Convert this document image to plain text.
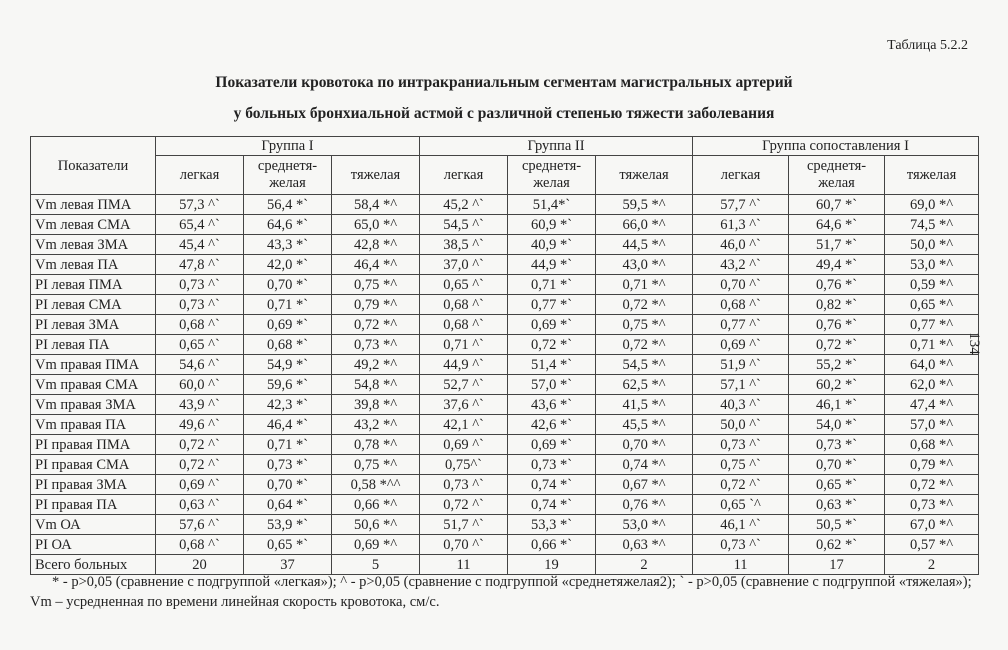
Таблица 5.2.2
Показатели кровотока по интракраниальным сегментам магистральных артерий
у больных бронхиальной астмой с различной степенью тяжести заболевания
Показатели	Группа I			Группа II			Группа сопоставления I		
	легкая	среднетя-желая	тяжелая	легкая	среднетя-желая	тяжелая	легкая	среднетя-желая	тяжелая
Vm левая ПМА	57,3 ^`	56,4 *`	58,4 *^	45,2 ^`	51,4*`	59,5 *^	57,7 ^`	60,7 *`	69,0 *^
Vm левая СМА	65,4 ^`	64,6 *`	65,0 *^	54,5 ^`	60,9 *`	66,0 *^	61,3 ^`	64,6 *`	74,5 *^
Vm левая ЗМА	45,4 ^`	43,3 *`	42,8 *^	38,5 ^`	40,9 *`	44,5 *^	46,0 ^`	51,7 *`	50,0 *^
Vm левая ПА	47,8 ^`	42,0 *`	46,4 *^	37,0 ^`	44,9 *`	43,0 *^	43,2 ^`	49,4 *`	53,0 *^
PI левая ПМА	0,73 ^`	0,70 *`	0,75 *^	0,65 ^`	0,71 *`	0,71 *^	0,70 ^`	0,76 *`	0,59 *^
PI левая СМА	0,73 ^`	0,71 *`	0,79 *^	0,68 ^`	0,77 *`	0,72 *^	0,68 ^`	0,82 *`	0,65 *^
PI левая ЗМА	0,68 ^`	0,69 *`	0,72 *^	0,68 ^`	0,69 *`	0,75 *^	0,77 ^`	0,76 *`	0,77 *^
PI левая ПА	0,65 ^`	0,68 *`	0,73 *^	0,71 ^`	0,72 *`	0,72 *^	0,69 ^`	0,72 *`	0,71 *^
Vm правая ПМА	54,6 ^`	54,9 *`	49,2 *^	44,9 ^`	51,4 *`	54,5 *^	51,9 ^`	55,2 *`	64,0 *^
Vm правая СМА	60,0 ^`	59,6 *`	54,8 *^	52,7 ^`	57,0 *`	62,5 *^	57,1 ^`	60,2 *`	62,0 *^
Vm правая ЗМА	43,9 ^`	42,3 *`	39,8 *^	37,6 ^`	43,6 *`	41,5 *^	40,3 ^`	46,1 *`	47,4 *^
Vm правая ПА	49,6 ^`	46,4 *`	43,2 *^	42,1 ^`	42,6 *`	45,5 *^	50,0 ^`	54,0 *`	57,0 *^
PI правая ПМА	0,72 ^`	0,71 *`	0,78 *^	0,69 ^`	0,69 *`	0,70 *^	0,73 ^`	0,73 *`	0,68 *^
PI правая СМА	0,72 ^`	0,73 *`	0,75 *^	0,75^`	0,73 *`	0,74 *^	0,75 ^`	0,70 *`	0,79 *^
PI правая ЗМА	0,69 ^`	0,70 *`	0,58 *^^	0,73 ^`	0,74 *`	0,67 *^	0,72 ^`	0,65 *`	0,72 *^
PI правая ПА	0,63 ^`	0,64 *`	0,66 *^	0,72 ^`	0,74 *`	0,76 *^	0,65 `^	0,63 *`	0,73 *^
Vm ОА	57,6 ^`	53,9 *`	50,6 *^	51,7 ^`	53,3 *`	53,0 *^	46,1 ^`	50,5 *`	67,0 *^
PI ОА	0,68 ^`	0,65 *`	0,69 *^	0,70 ^`	0,66 *`	0,63 *^	0,73 ^`	0,62 *`	0,57 *^
Всего больных	20	37	5	11	19	2	11	17	2
* - p>0,05 (сравнение с подгруппой «легкая»); ^ - p>0,05 (сравнение с подгруппой «среднетяжелая2); ` - p>0,05 (сравнение с подгруппой «тяжелая»); Vm – усредненная по времени линейная скорость кровотока, см/с.
134
